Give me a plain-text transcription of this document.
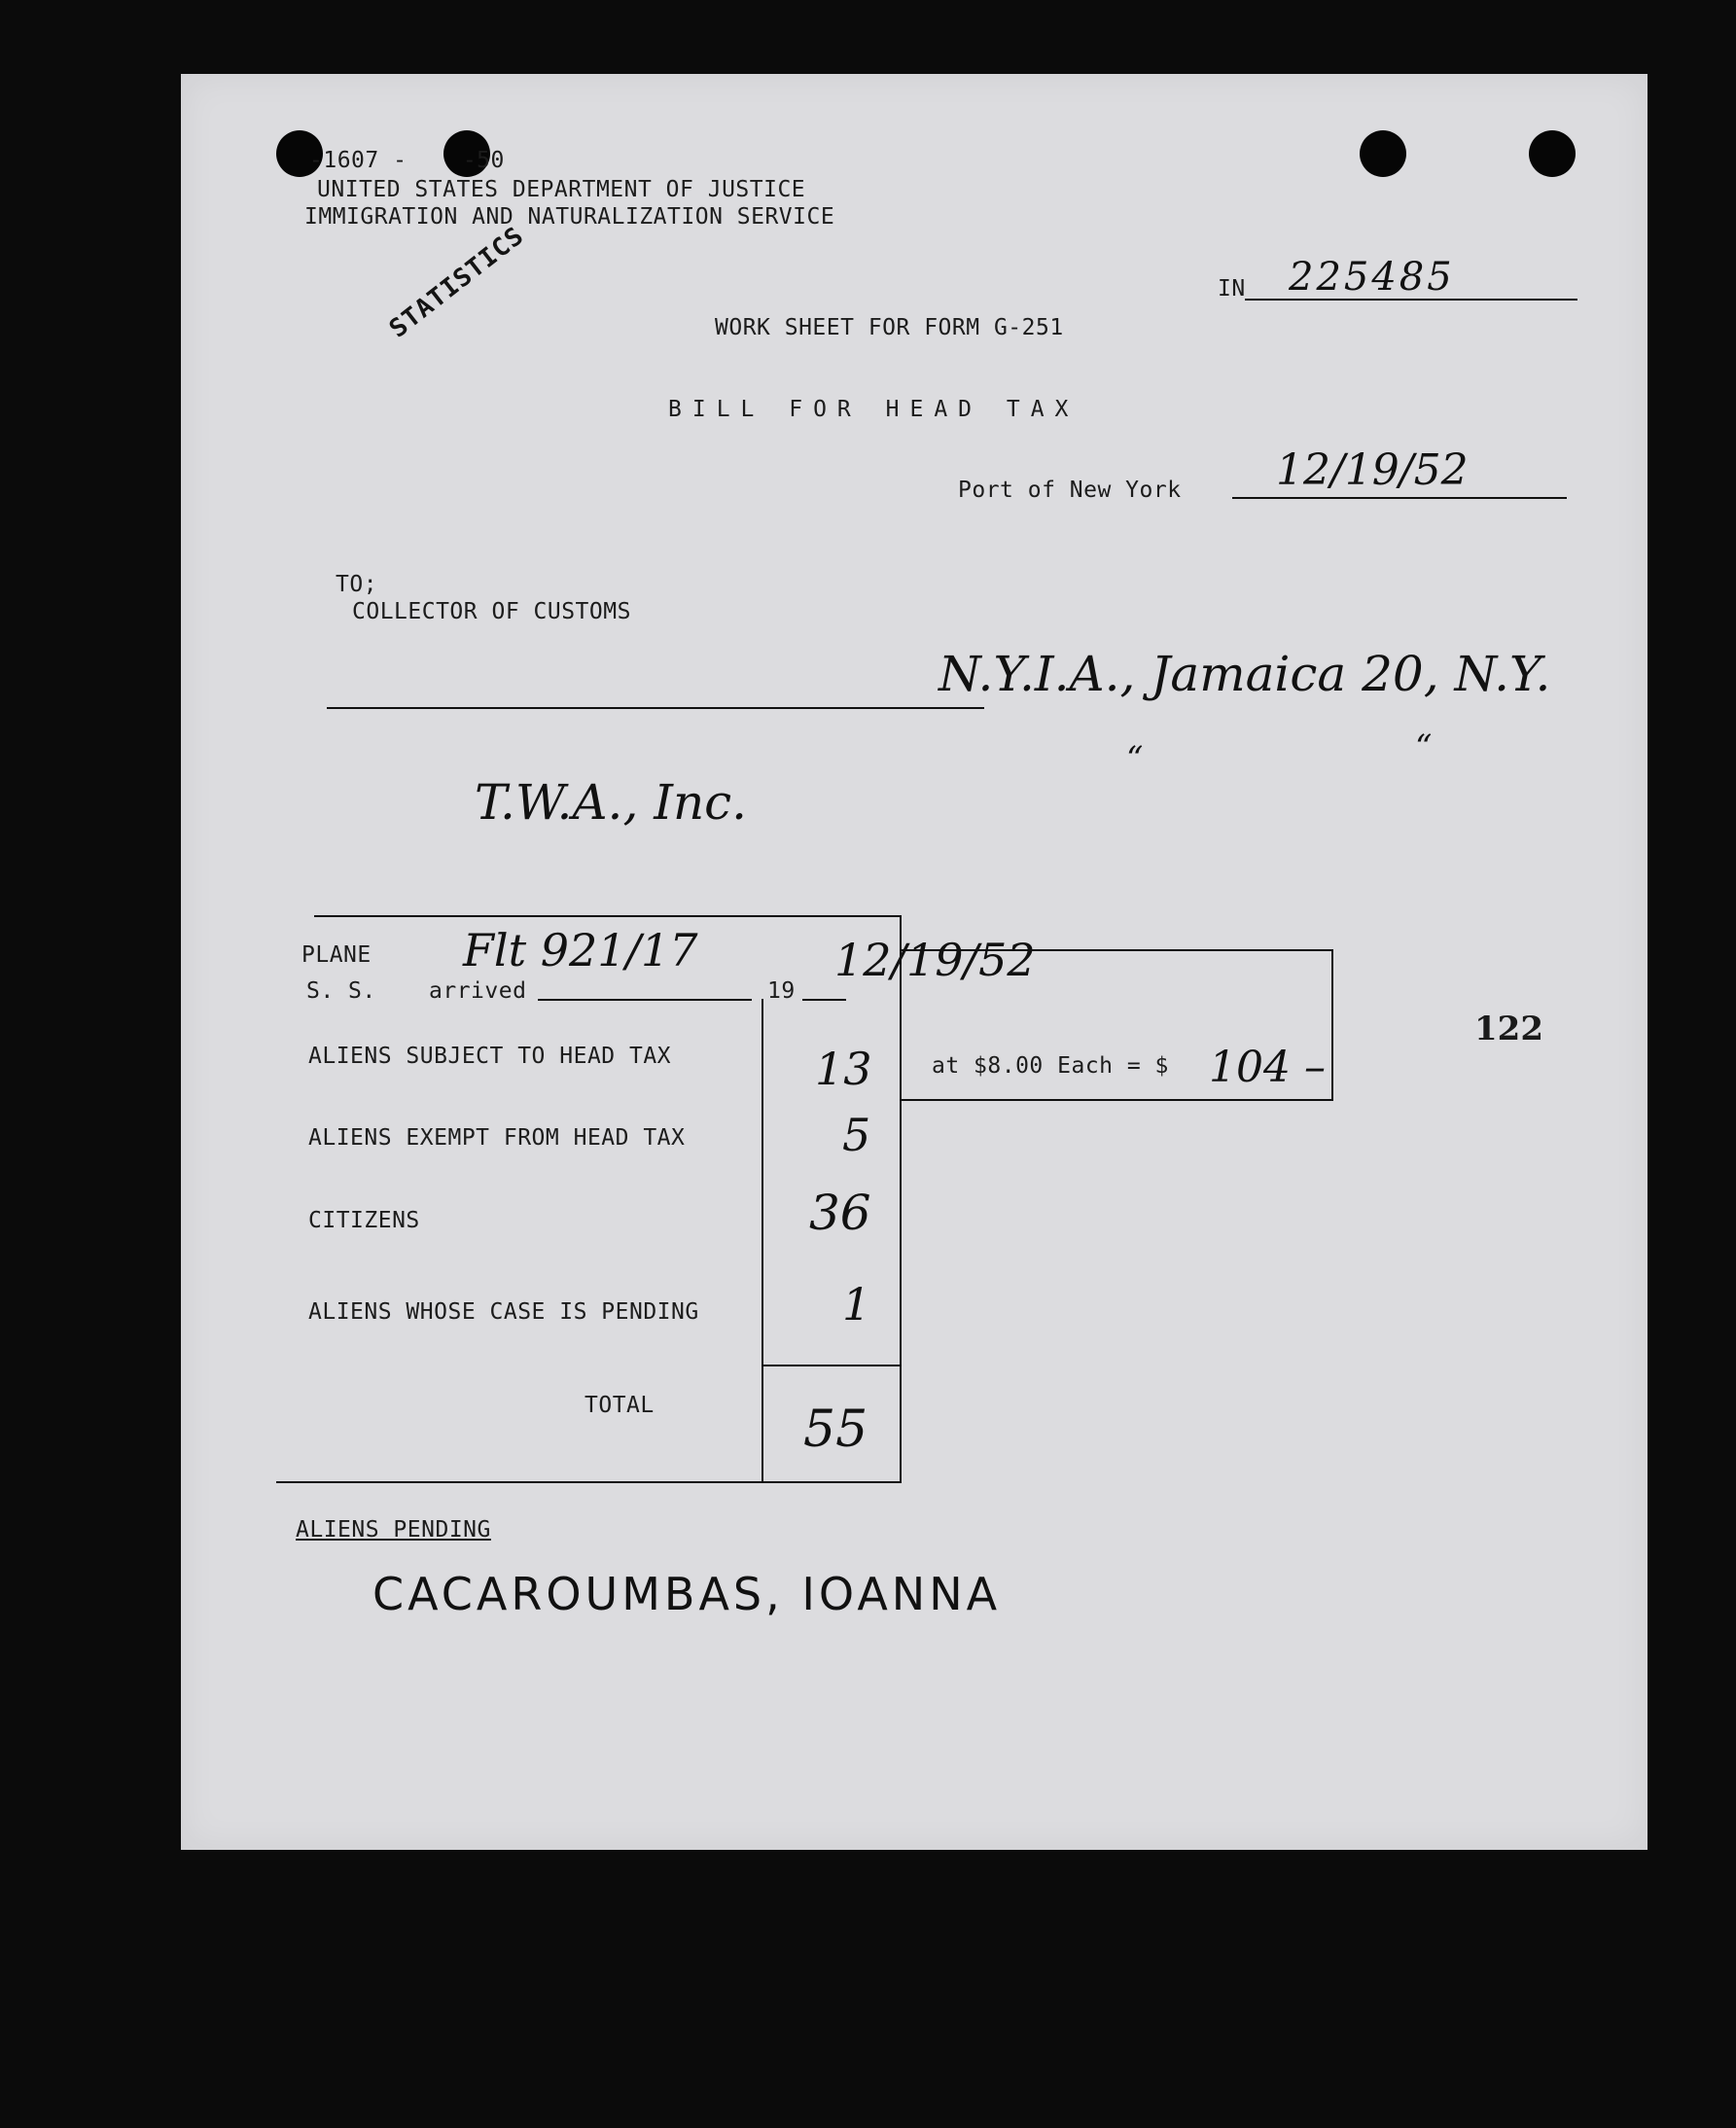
-1607 -    -50
UNITED STATES DEPARTMENT OF JUSTICE
IMMIGRATION AND NATURALIZATION SERVICE
STATISTICS	IN 225485
WORK SHEET FOR FORM G-251
BILL FOR HEAD TAX
Port of New York 12/19/52
TO;
COLLECTOR OF CUSTOMS
N.Y.I.A., Jamaica 20, N.Y.
“	“
T.W.A., Inc.
PLANE
S. S. arrived	19
Flt 921/17	12/19/52
ALIENS SUBJECT TO HEAD TAX	13
ALIENS EXEMPT FROM HEAD TAX	5
CITIZENS	36
ALIENS WHOSE CASE IS PENDING	1
TOTAL	55
at $8.00 Each = $ 104 –
122
ALIENS PENDING
CACAROUMBAS, IOANNA
